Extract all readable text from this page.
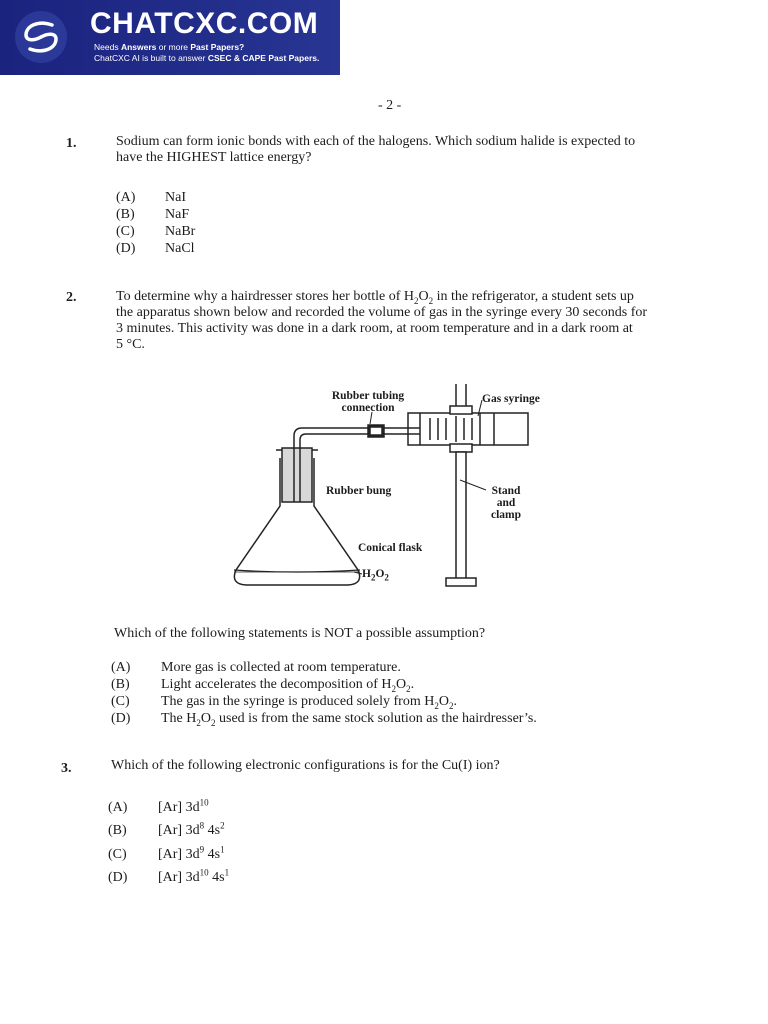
CHATCXC.COM
Needs Answers or more Past Papers?
ChatCXC AI is built to answer CSEC & CAPE Past Papers.
- 2 -
1.	Sodium can form ionic bonds with each of the halogens. Which sodium halide is expected to
have the HIGHEST lattice energy?
(A) NaI
(B) NaF
(C) NaBr
(D) NaCl
2.	To determine why a hairdresser stores her bottle of $H_2O_2$ in the refrigerator, a student sets up
the apparatus shown below and recorded the volume of gas in the syringe every 30 seconds for
3 minutes. This activity was done in a dark room, at room temperature and in a dark room at
5 °C.
Rubber tubing
connection
Gas syringe
Rubber bung	Stand
and
clamp
Conical flask
$H_2O_2$
Which of the following statements is NOT a possible assumption?
(A) More gas is collected at room temperature.
(B) Light accelerates the decomposition of $H_2O_2$.
(C) The gas in the syringe is produced solely from $H_2O_2$.
(D) The $H_2O_2$ used is from the same stock solution as the hairdresser’s.
3.	Which of the following electronic configurations is for the Cu(I) ion?
(A) [Ar] $3d^{10}$
(B) [Ar] $3d^8$ $4s^2$
(C) [Ar] $3d^9$ $4s^1$
(D) [Ar] $3d^{10}$ $4s^1$
